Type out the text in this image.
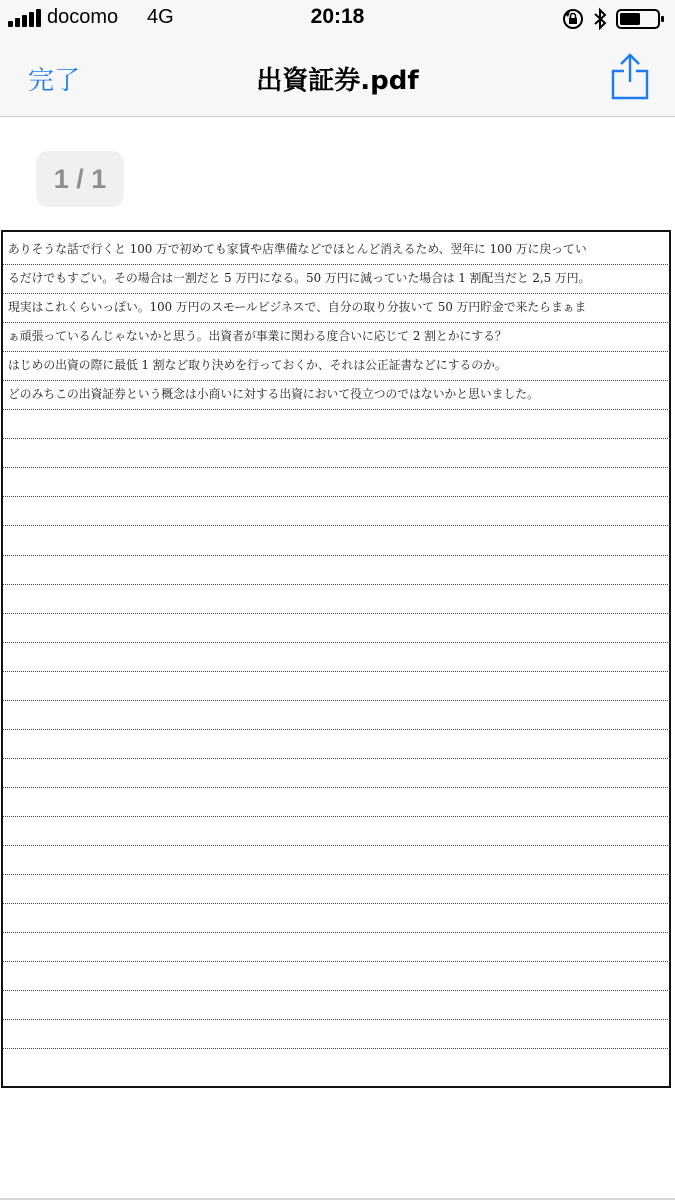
docomo 4G	20:18
完了	出資証券.pdf
1 / 1
ありそうな話で行くと 100 万で初めても家賃や店準備などでほとんど消えるため、翌年に 100 万に戻ってい
るだけでもすごい。その場合は一割だと 5 万円になる。50 万円に減っていた場合は 1 割配当だと 2,5 万円。
現実はこれくらいっぽい。100 万円のスモールビジネスで、自分の取り分抜いて 50 万円貯金で来たらまぁま
ぁ頑張っているんじゃないかと思う。出資者が事業に関わる度合いに応じて 2 割とかにする？
はじめの出資の際に最低 1 割など取り決めを行っておくか、それは公正証書などにするのか。
どのみちこの出資証券という概念は小商いに対する出資において役立つのではないかと思いました。
